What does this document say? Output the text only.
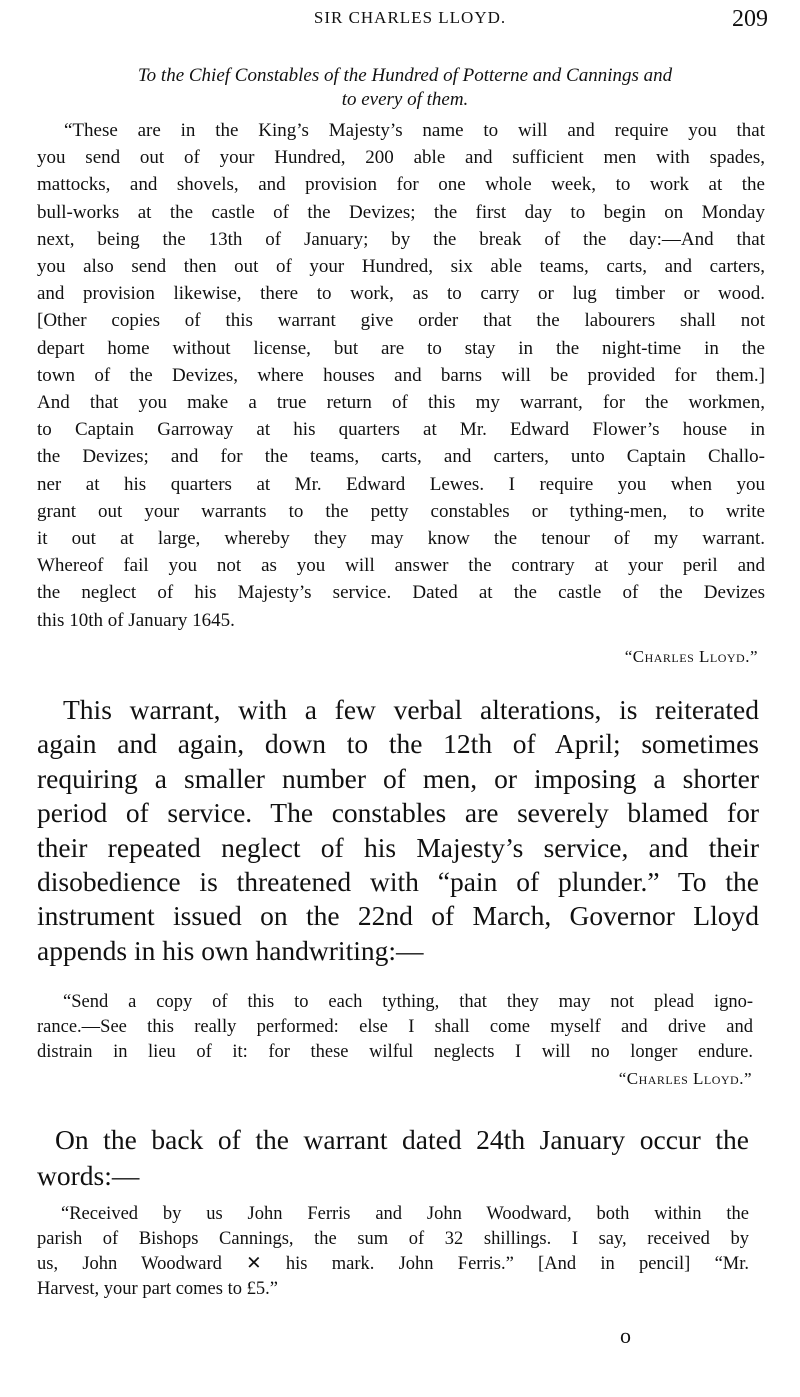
SIR CHARLES LLOYD.	209
To the Chief Constables of the Hundred of Potterne and Cannings and
to every of them.
“These are in the King’s Majesty’s name to will and require you that
you send out of your Hundred, 200 able and sufficient men with spades,
mattocks, and shovels, and provision for one whole week, to work at the
bull-works at the castle of the Devizes; the first day to begin on Monday
next, being the 13th of January; by the break of the day:—And that
you also send then out of your Hundred, six able teams, carts, and carters,
and provision likewise, there to work, as to carry or lug timber or wood.
[Other copies of this warrant give order that the labourers shall not
depart home without license, but are to stay in the night-time in the
town of the Devizes, where houses and barns will be provided for them.]
And that you make a true return of this my warrant, for the workmen,
to Captain Garroway at his quarters at Mr. Edward Flower’s house in
the Devizes; and for the teams, carts, and carters, unto Captain Challo-
ner at his quarters at Mr. Edward Lewes. I require you when you
grant out your warrants to the petty constables or tything-men, to write
it out at large, whereby they may know the tenour of my warrant.
Whereof fail you not as you will answer the contrary at your peril and
the neglect of his Majesty’s service. Dated at the castle of the Devizes
this 10th of January 1645.
“Charles Lloyd.”
This warrant, with a few verbal alterations, is reiterated
again and again, down to the 12th of April; sometimes
requiring a smaller number of men, or imposing a shorter
period of service. The constables are severely blamed for
their repeated neglect of his Majesty’s service, and their
disobedience is threatened with “pain of plunder.” To the
instrument issued on the 22nd of March, Governor Lloyd
appends in his own handwriting:—
“Send a copy of this to each tything, that they may not plead igno-
rance.—See this really performed: else I shall come myself and drive and
distrain in lieu of it: for these wilful neglects I will no longer endure.
“Charles Lloyd.”
On the back of the warrant dated 24th January occur the
words:—
“Received by us John Ferris and John Woodward, both within the
parish of Bishops Cannings, the sum of 32 shillings. I say, received by
us, John Woodward ✕ his mark. John Ferris.” [And in pencil] “Mr.
Harvest, your part comes to £5.”
o
